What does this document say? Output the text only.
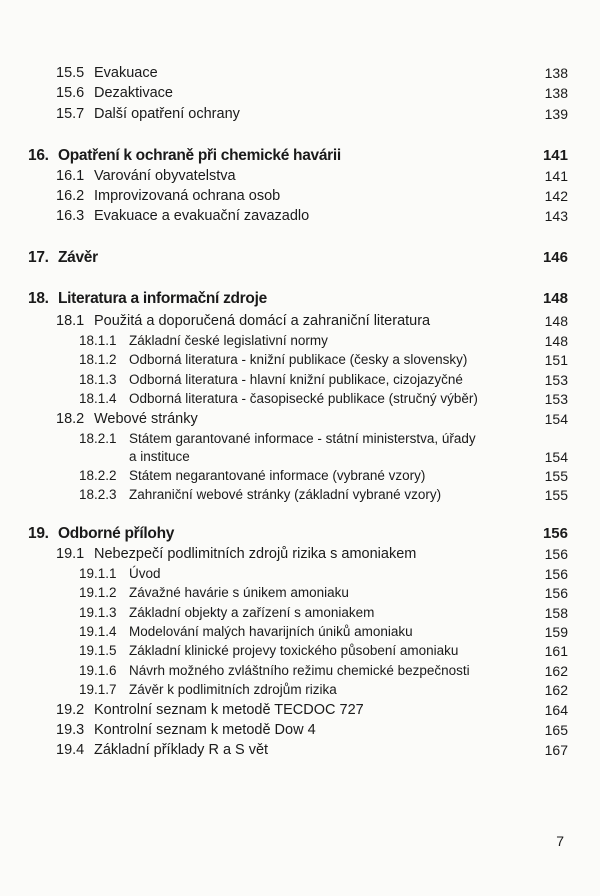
15.5 Evakuace	138
15.6 Dezaktivace	138
15.7 Další opatření ochrany	139
16. Opatření k ochraně při chemické havárii	141
16.1 Varování obyvatelstva	141
16.2 Improvizovaná ochrana osob	142
16.3 Evakuace a evakuační zavazadlo	143
17. Závěr	146
18. Literatura a informační zdroje	148
18.1 Použitá a doporučená domácí a zahraniční literatura	148
18.1.1 Základní české legislativní normy	148
18.1.2 Odborná literatura - knižní publikace (česky a slovensky)	151
18.1.3 Odborná literatura - hlavní knižní publikace, cizojazyčné	153
18.1.4 Odborná literatura - časopisecké publikace (stručný výběr)	153
18.2 Webové stránky	154
18.2.1 Státem garantované informace - státní ministerstva, úřady
a instituce	154
18.2.2 Státem negarantované informace (vybrané vzory)	155
18.2.3 Zahraniční webové stránky (základní vybrané vzory)	155
19. Odborné přílohy	156
19.1 Nebezpečí podlimitních zdrojů rizika s amoniakem	156
19.1.1 Úvod	156
19.1.2 Závažné havárie s únikem amoniaku	156
19.1.3 Základní objekty a zařízení s amoniakem	158
19.1.4 Modelování malých havarijních úniků amoniaku	159
19.1.5 Základní klinické projevy toxického působení amoniaku	161
19.1.6 Návrh možného zvláštního režimu chemické bezpečnosti	162
19.1.7 Závěr k podlimitních zdrojům rizika	162
19.2 Kontrolní seznam k metodě TECDOC 727	164
19.3 Kontrolní seznam k metodě Dow 4	165
19.4 Základní příklady R a S vět	167
7
